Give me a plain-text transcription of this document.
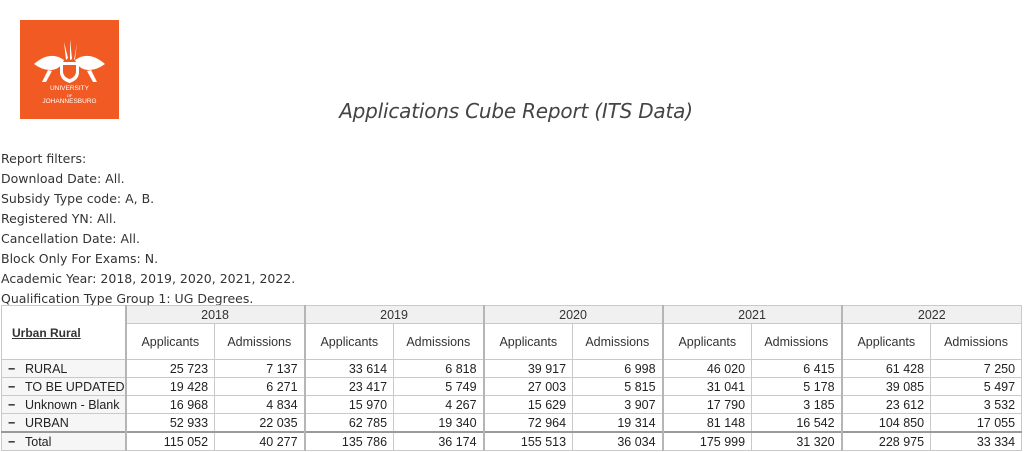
UNIVERSITY
OF
JOHANNESBURG	Applications Cube Report (ITS Data)
Report filters:
Download Date: All.
Subsidy Type code: A, B.
Registered YN: All.
Cancellation Date: All.
Block Only For Exams: N.
Academic Year: 2018, 2019, 2020, 2021, 2022.
Qualification Type Group 1: UG Degrees.
Urban Rural	2018		2019		2020		2021		2022	
	Applicants	Admissions	Applicants	Admissions	Applicants	Admissions	Applicants	Admissions	Applicants	Admissions
− RURAL	25 723	7 137	33 614	6 818	39 917	6 998	46 020	6 415	61 428	7 250
− TO BE UPDATED	19 428	6 271	23 417	5 749	27 003	5 815	31 041	5 178	39 085	5 497
− Unknown - Blank	16 968	4 834	15 970	4 267	15 629	3 907	17 790	3 185	23 612	3 532
− URBAN	52 933	22 035	62 785	19 340	72 964	19 314	81 148	16 542	104 850	17 055
− Total	115 052	40 277	135 786	36 174	155 513	36 034	175 999	31 320	228 975	33 334
